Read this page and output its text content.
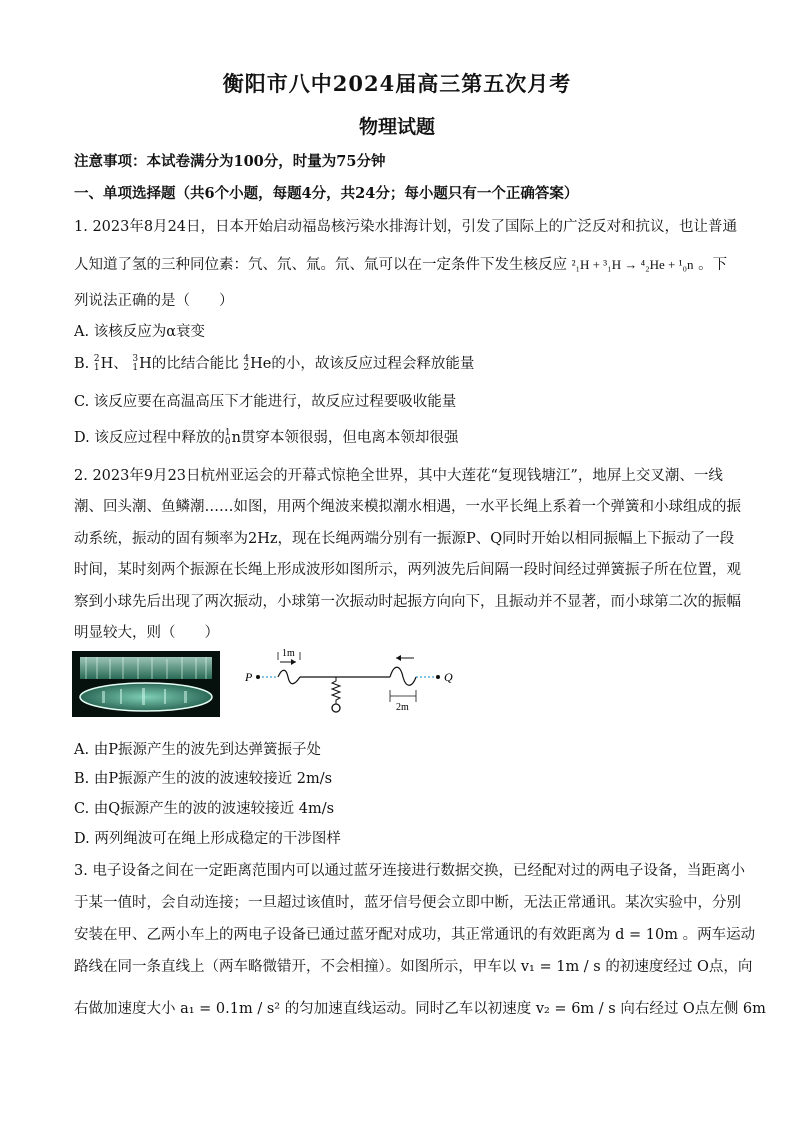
衡阳市八中2024届高三第五次月考
物理试题
注意事项：本试卷满分为100分，时量为75分钟
一、单项选择题（共6个小题，每题4分，共24分；每小题只有一个正确答案）
1. 2023年8月24日，日本开始启动福岛核污染水排海计划，引发了国际上的广泛反对和抗议，也让普通
人知道了氢的三种同位素：氕、氘、氚。氘、氚可以在一定条件下发生核反应 ²₁H + ³₁H → ⁴₂He + ¹₀n 。下
列说法正确的是（　　）
A. 该核反应为α衰变
B. 2
1 H、 3
1 H的比结合能比 4
2 He的小，故该反应过程会释放能量
C. 该反应要在高温高压下才能进行，故反应过程要吸收能量
D. 该反应过程中释放的 1
0 n贯穿本领很弱，但电离本领却很强
2. 2023年9月23日杭州亚运会的开幕式惊艳全世界，其中大莲花“复现钱塘江”，地屏上交叉潮、一线
潮、回头潮、鱼鳞潮……如图，用两个绳波来模拟潮水相遇，一水平长绳上系着一个弹簧和小球组成的振
动系统，振动的固有频率为2Hz，现在长绳两端分别有一振源P、Q同时开始以相同振幅上下振动了一段
时间，某时刻两个振源在长绳上形成波形如图所示，两列波先后间隔一段时间经过弹簧振子所在位置，观
察到小球先后出现了两次振动，小球第一次振动时起振方向向下，且振动并不显著，而小球第二次的振幅
明显较大，则（　　）
1m
2m
P	Q
A. 由P振源产生的波先到达弹簧振子处
B. 由P振源产生的波的波速较接近 2m/s
C. 由Q振源产生的波的波速较接近 4m/s
D. 两列绳波可在绳上形成稳定的干涉图样
3. 电子设备之间在一定距离范围内可以通过蓝牙连接进行数据交换，已经配对过的两电子设备，当距离小
于某一值时，会自动连接；一旦超过该值时，蓝牙信号便会立即中断，无法正常通讯。某次实验中，分别
安装在甲、乙两小车上的两电子设备已通过蓝牙配对成功，其正常通讯的有效距离为 d = 10m 。两车运动
路线在同一条直线上（两车略微错开，不会相撞）。如图所示，甲车以 v₁ = 1m / s 的初速度经过 O点，向
右做加速度大小 a₁ = 0.1m / s² 的匀加速直线运动。同时乙车以初速度 v₂ = 6m / s 向右经过 O点左侧 6m
